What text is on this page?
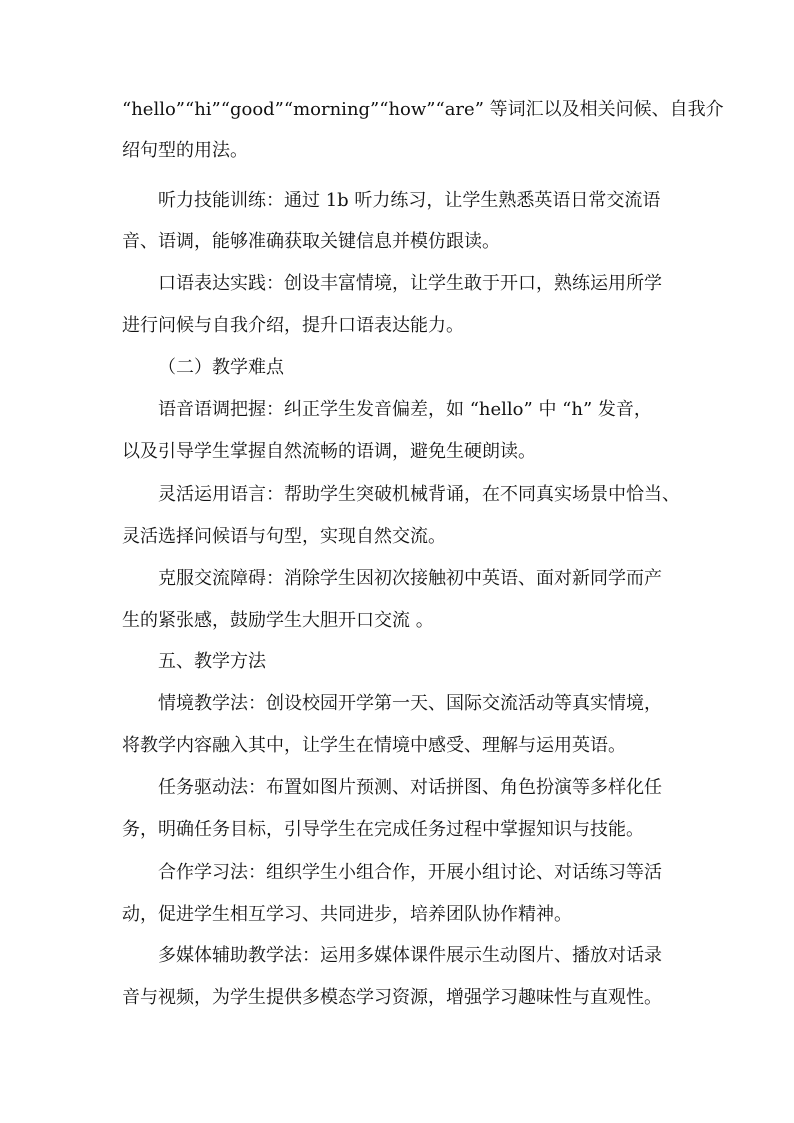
“hello”“hi”“good”“morning”“how”“are” 等词汇以及相关问候、自我介
绍句型的用法。
听力技能训练：通过 1b 听力练习，让学生熟悉英语日常交流语
音、语调，能够准确获取关键信息并模仿跟读。
口语表达实践：创设丰富情境，让学生敢于开口，熟练运用所学
进行问候与自我介绍，提升口语表达能力。
（二）教学难点
语音语调把握：纠正学生发音偏差，如 “hello” 中 “h” 发音，
以及引导学生掌握自然流畅的语调，避免生硬朗读。
灵活运用语言：帮助学生突破机械背诵，在不同真实场景中恰当、
灵活选择问候语与句型，实现自然交流。
克服交流障碍：消除学生因初次接触初中英语、面对新同学而产
生的紧张感，鼓励学生大胆开口交流 。
五、教学方法
情境教学法：创设校园开学第一天、国际交流活动等真实情境，
将教学内容融入其中，让学生在情境中感受、理解与运用英语。
任务驱动法：布置如图片预测、对话拼图、角色扮演等多样化任
务，明确任务目标，引导学生在完成任务过程中掌握知识与技能。
合作学习法：组织学生小组合作，开展小组讨论、对话练习等活
动，促进学生相互学习、共同进步，培养团队协作精神。
多媒体辅助教学法：运用多媒体课件展示生动图片、播放对话录
音与视频，为学生提供多模态学习资源，增强学习趣味性与直观性。
